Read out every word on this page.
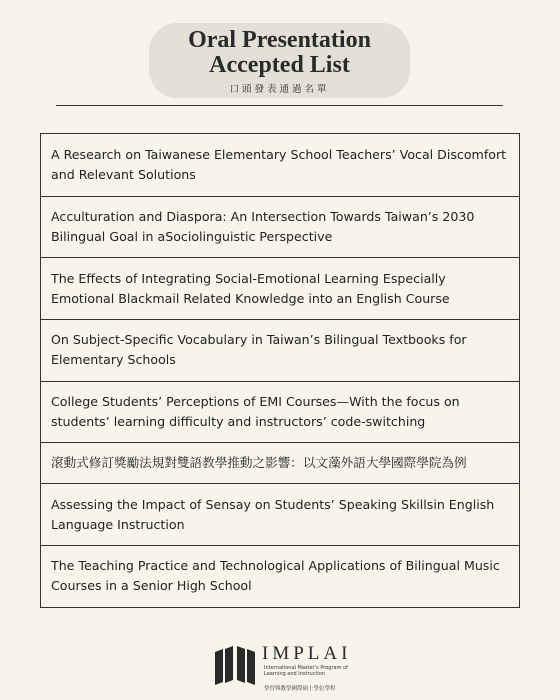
Oral Presentation
Accepted List
口頭發表通過名單
A Research on Taiwanese Elementary School Teachers’ Vocal Discomfort and Relevant Solutions
Acculturation and Diaspora: An Intersection Towards Taiwan’s 2030 Bilingual Goal in aSociolinguistic Perspective
The Effects of Integrating Social-Emotional Learning Especially Emotional Blackmail Related Knowledge into an English Course
On Subject-Specific Vocabulary in Taiwan’s Bilingual Textbooks for Elementary Schools
College Students’ Perceptions of EMI Courses—With the focus on students’ learning difficulty and instructors’ code-switching
滾動式修訂獎勵法規對雙語教學推動之影響：以文藻外語大學國際學院為例
Assessing the Impact of Sensay on Students’ Speaking Skillsin English Language Instruction
The Teaching Practice and Technological Applications of Bilingual Music Courses in a Senior High School
IMPLAI
International Master’s Program of Learning and Instruction
學習與教學國際碩士學位學程
